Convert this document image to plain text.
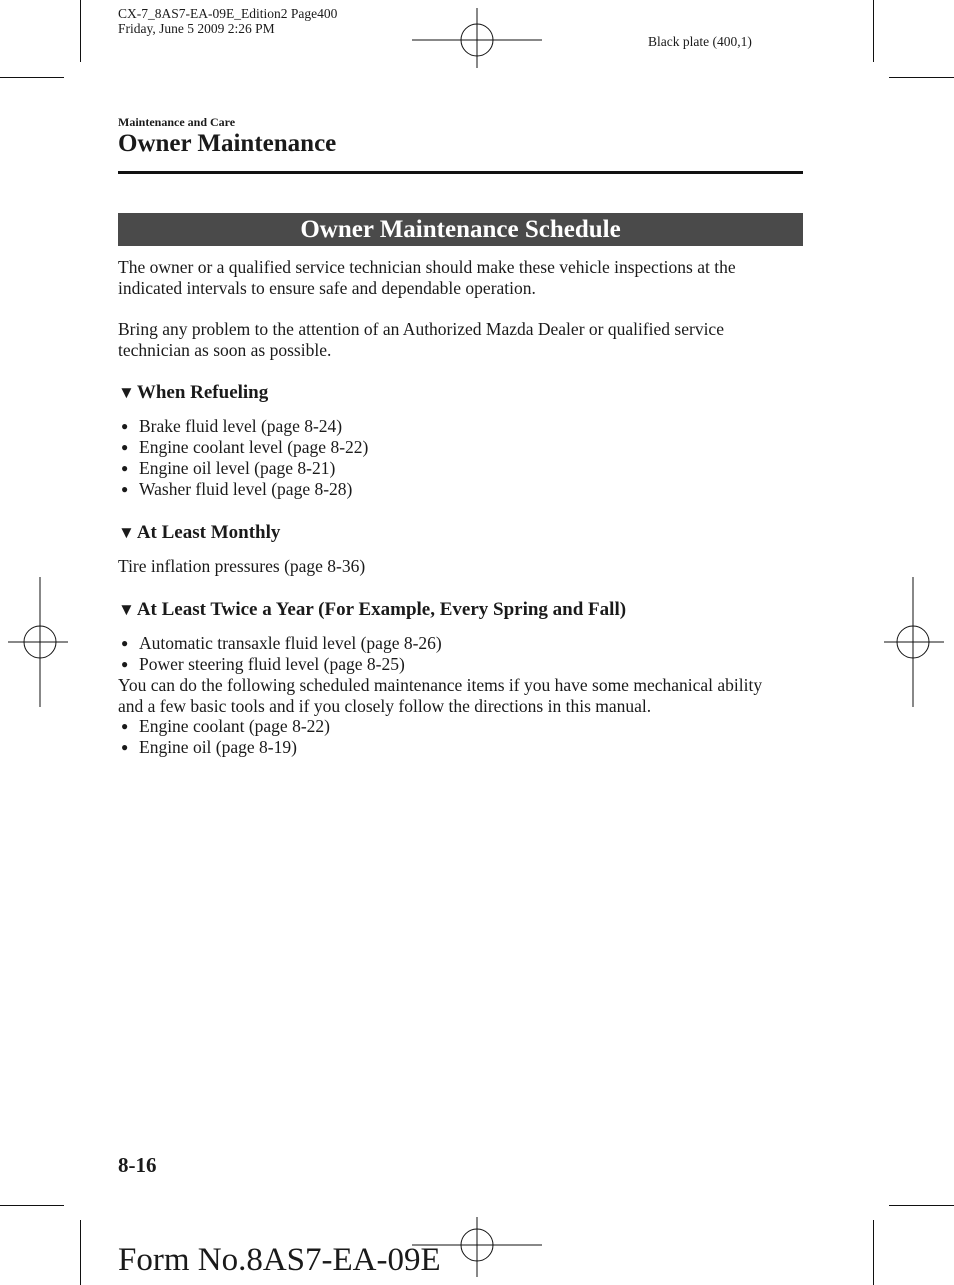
CX-7_8AS7-EA-09E_Edition2 Page400
Friday, June 5 2009 2:26 PM
Black plate (400,1)
Maintenance and Care
Owner Maintenance
Owner Maintenance Schedule

The owner or a qualified service technician should make these vehicle inspections at the indicated intervals to ensure safe and dependable operation.

Bring any problem to the attention of an Authorized Mazda Dealer or qualified service technician as soon as possible.

▼ When Refueling
● Brake fluid level (page 8-24)
● Engine coolant level (page 8-22)
● Engine oil level (page 8-21)
● Washer fluid level (page 8-28)
▼ At Least Monthly

Tire inflation pressures (page 8-36)

▼ At Least Twice a Year (For Example, Every Spring and Fall)
● Automatic transaxle fluid level (page 8-26)
● Power steering fluid level (page 8-25)

You can do the following scheduled maintenance items if you have some mechanical ability and a few basic tools and if you closely follow the directions in this manual.

● Engine coolant (page 8-22)
● Engine oil (page 8-19)
8-16
Form No.8AS7-EA-09E
